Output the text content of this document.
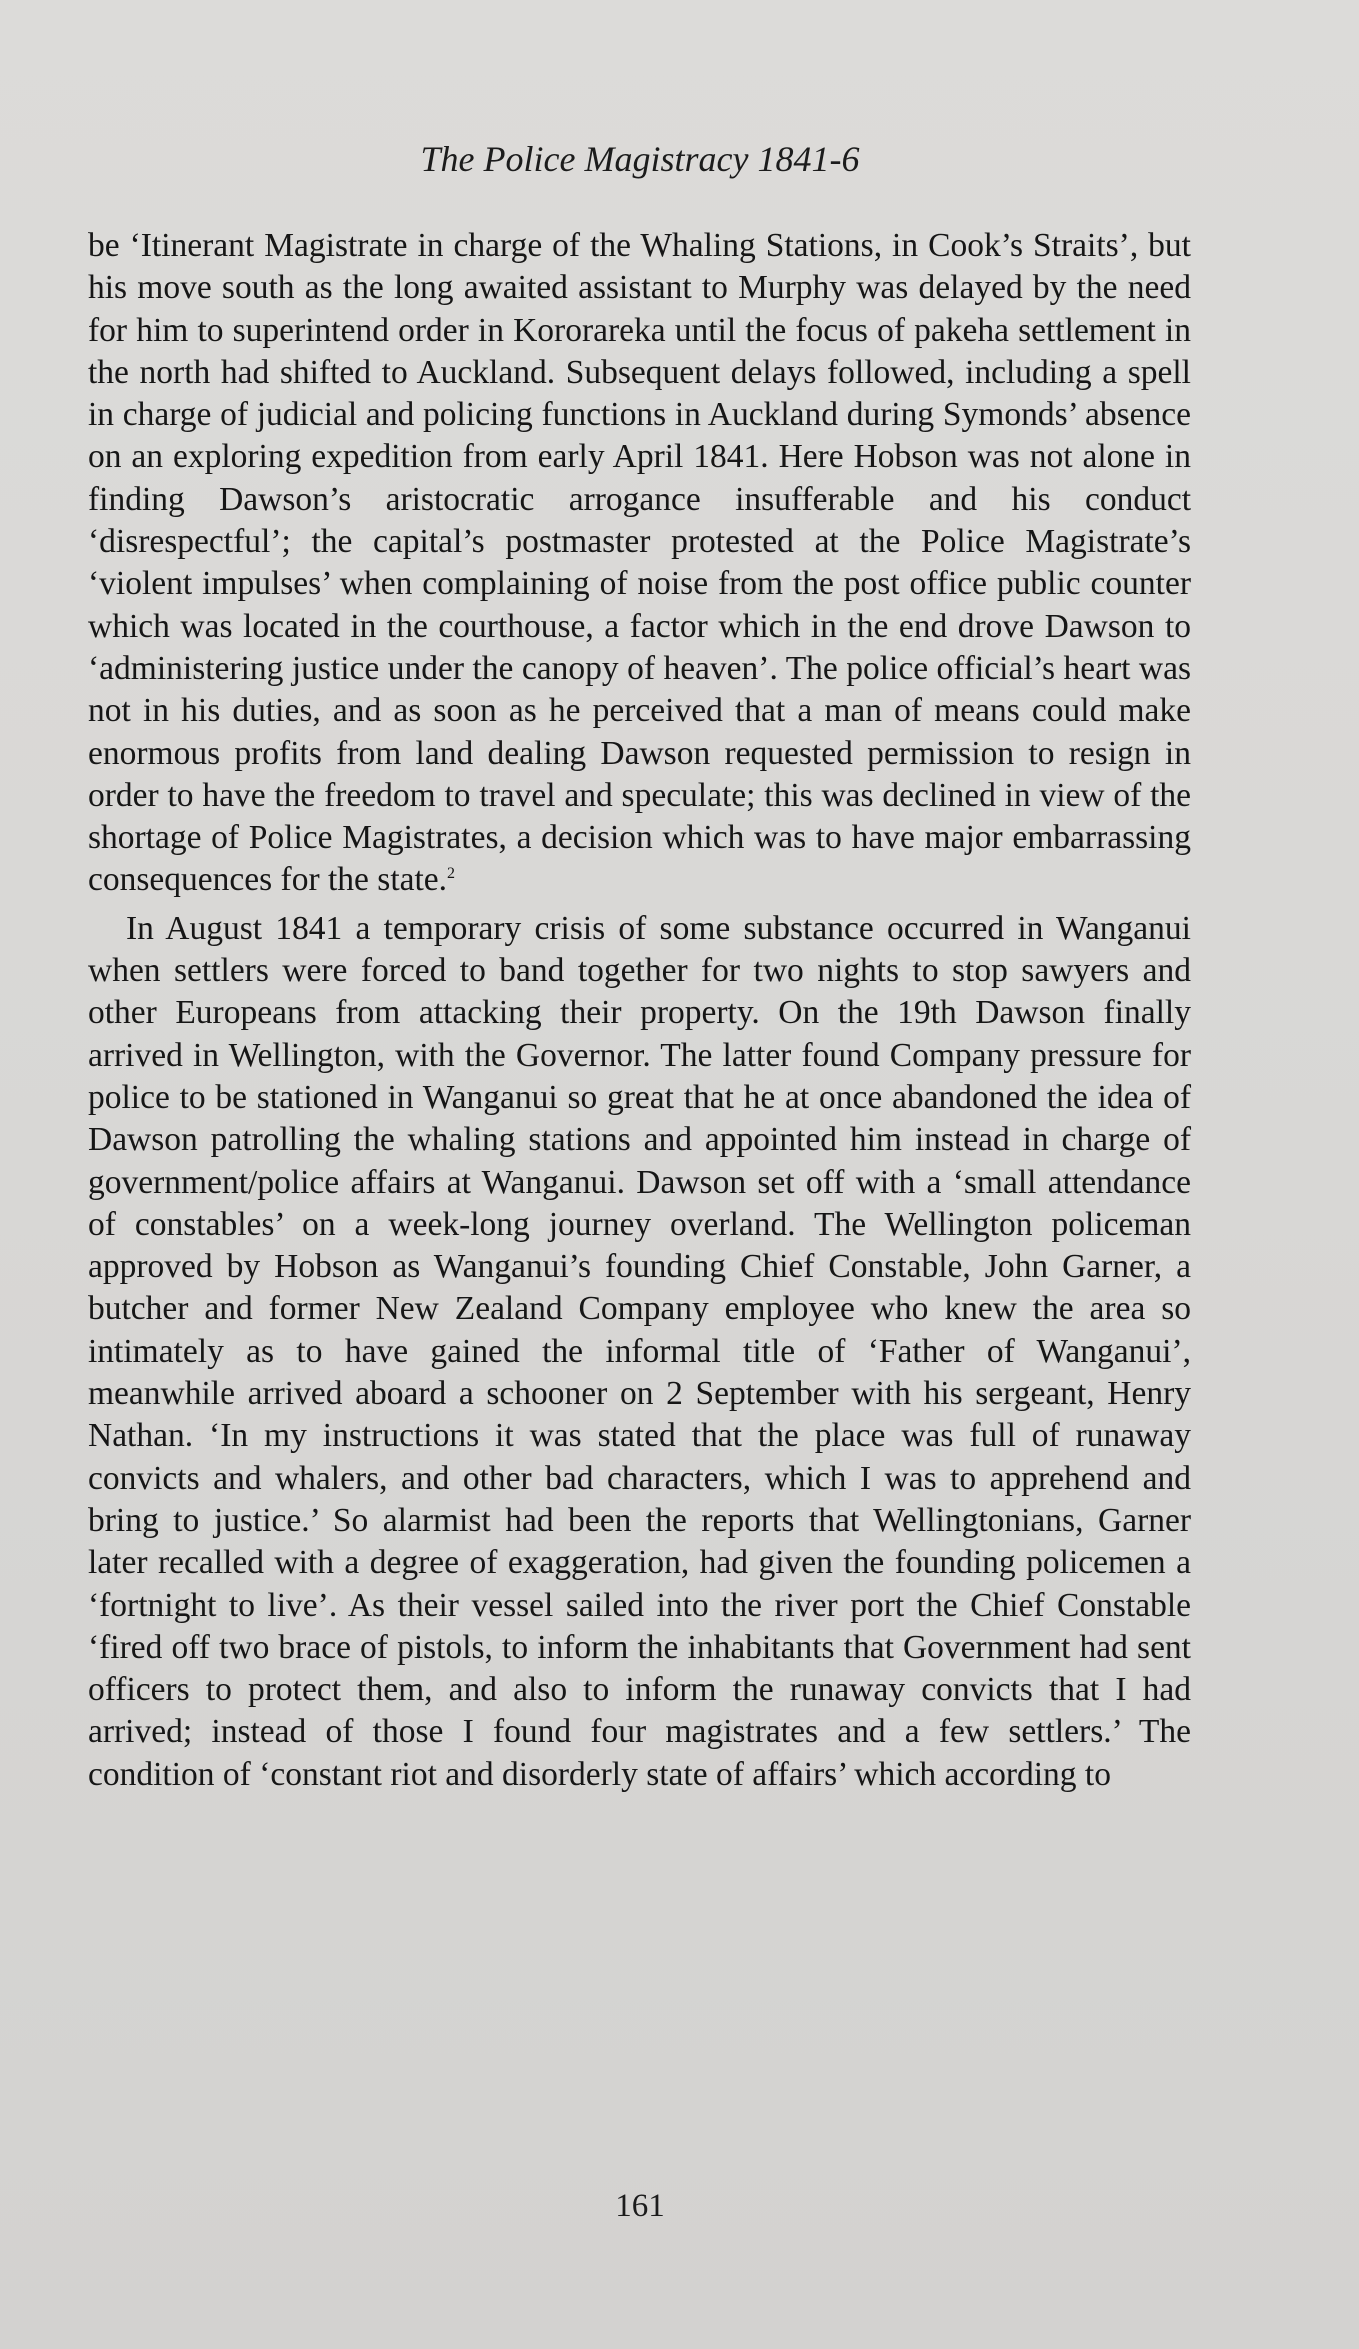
The Police Magistracy 1841-6

be ‘Itinerant Magistrate in charge of the Whaling Stations, in Cook’s Straits’, but his move south as the long awaited assistant to Murphy was delayed by the need for him to superintend order in Kororareka until the focus of pakeha settlement in the north had shifted to Auckland. Subsequent delays followed, including a spell in charge of judicial and policing functions in Auckland during Symonds’ absence on an exploring expedition from early April 1841. Here Hobson was not alone in finding Dawson’s aristocratic arrogance insufferable and his conduct ‘disrespectful’; the capital’s postmaster protested at the Police Magistrate’s ‘violent impulses’ when complaining of noise from the post office public counter which was located in the courthouse, a factor which in the end drove Dawson to ‘administering justice under the canopy of heaven’. The police official’s heart was not in his duties, and as soon as he perceived that a man of means could make enormous profits from land dealing Dawson requested permission to resign in order to have the freedom to travel and speculate; this was declined in view of the shortage of Police Magistrates, a decision which was to have major embarrassing consequences for the state.$^2$

In August 1841 a temporary crisis of some substance occurred in Wanganui when settlers were forced to band together for two nights to stop sawyers and other Europeans from attacking their property. On the 19th Dawson finally arrived in Wellington, with the Governor. The latter found Company pressure for police to be stationed in Wanganui so great that he at once abandoned the idea of Dawson patrolling the whaling stations and appointed him instead in charge of government/police affairs at Wanganui. Dawson set off with a ‘small attendance of constables’ on a week-long journey overland. The Wellington policeman approved by Hobson as Wanganui’s founding Chief Constable, John Garner, a butcher and former New Zealand Company employee who knew the area so intimately as to have gained the informal title of ‘Father of Wanganui’, meanwhile arrived aboard a schooner on 2 September with his sergeant, Henry Nathan. ‘In my instructions it was stated that the place was full of runaway convicts and whalers, and other bad characters, which I was to apprehend and bring to justice.’ So alarmist had been the reports that Wellingtonians, Garner later recalled with a degree of exaggeration, had given the founding policemen a ‘fortnight to live’. As their vessel sailed into the river port the Chief Constable ‘fired off two brace of pistols, to inform the inhabitants that Government had sent officers to protect them, and also to inform the runaway convicts that I had arrived; instead of those I found four magistrates and a few settlers.’ The condition of ‘constant riot and disorderly state of affairs’ which according to

161
